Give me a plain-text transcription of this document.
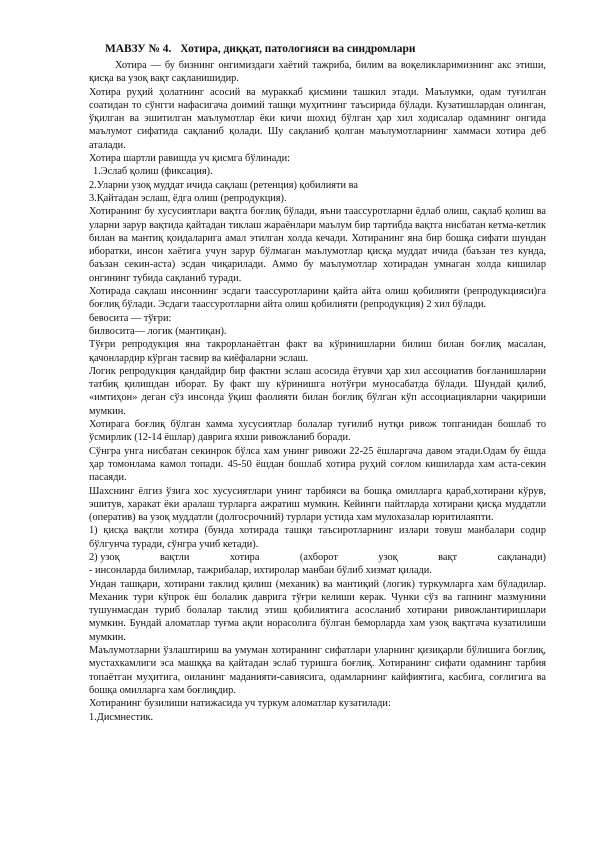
МАВЗУ № 4. Хотира, диққат, патологияси ва синдромлари

Хотира — бу бизнинг онгимиздаги хаётий тажриба, билим ва воқеликларимизнинг акс этиши, қисқа ва узоқ вақт сақланишидир.

Хотира руҳий ҳолатнинг асосий ва мураккаб қисмини ташкил этади. Маълумки, одам туғилган соатидан то сўнгги нафасигача доимий ташқи муҳитнинг таъсирида бўлади. Кузатишлардан олинган, ўқилган ва эшитилган маълумотлар ёки кичи шохид бўлган ҳар хил ходисалар одамнинг онгида маълумот сифатида сақланиб қолади. Шу сақланиб қолган маълумотларнинг хаммаси хотира деб аталади.

Хотира шартли равишда уч қисмга бўлинади:

1.Эслаб қолиш (фиксация).

2.Уларни узоқ муддат ичида сақлаш (ретенция) қобилияти ва

3.Қайтадан эслаш, ёдга олиш (репродукция).

Хотиранинг бу хусусиятлари вақтга боғлиқ бўлади, яъни таассуротларни ёдлаб олиш, сақлаб қолиш ва уларни зарур вақтида қайтадан тиклаш жараёнлари маълум бир тартибда вақтга нисбатан кетма-кетлик билан ва мантиқ қоидаларига амал этилган холда кечади. Хотиранинг яна бир бошқа сифати шундан иборатки, инсон хаётига учун зарур бўлмаган маълумотлар қисқа муддат ичида (баъзан тез кунда, баъзан секин-аста) эсдан чиқарилади. Аммо бу маълумотлар хотирадан умнаган холда кишилар онгининг тубида сақланиб туради.

Хотирада сақлаш инсоннинг эсдаги таассуротларини қайта айта олиш қобилияти (репродукцияси)га боғлиқ бўлади. Эсдаги таассуротларни айта олиш қобилияти (репродукция) 2 хил бўлади.

бевосита — тўғри:

билвосита— логик (мантиқан).

Тўғри репродукция яна такрорланаётган факт ва кўринишларни билиш билан боғлиқ масалан, қачонлардир кўрган тасвир ва киёфаларни эслаш.

Логик репродукция қандайдир бир фактни эслаш асосида ётувчи ҳар хил ассоциатив боғланишларни татбиқ қилишдан иборат. Бу факт шу кўринишга нотўғри муносабатда бўлади. Шундай қилиб, «имтиҳон» деган сўз инсонда ўқиш фаолияти билан боғлиқ бўлган кўп ассоциацияларни чақириши мумкин.

Хотирага боғлиқ бўлган хамма хусусиятлар болалар туғилиб нутқи ривож топганидан бошлаб то ўсмирлик (12-14 ёшлар) даврига яхши ривожланиб боради.

Сўнгра унга нисбатан секинрок бўлса хам унинг ривожи 22-25 ёшларгача давом этади.Одам бу ёшда ҳар томонлама камол топади. 45-50 ёшдан бошлаб хотира руҳий соғлом кишиларда хам аста-секин пасаяди.

Шахснинг ёлгиз ўзига хос хусусиятлари унинг тарбияси ва бошқа омилларга қараб,хотирани кўрув, эшитув, харакат ёки аралаш турларга ажратиш мумкин. Кейинги пайтларда хотирани қисқа муддатли (оператив) ва узоқ муддатли (долгосрочний) турлари устида хам мулохазалар юритилаяпти.

1) қисқа вақтли хотира (бунда хотирада ташқи таъсиротларнинг излари товуш манбалари содир бўлгунча туради, сўнгра учиб кетади).

2) узоқ	вақтли	хотира	(ахборот	узоқ	вақт	сақланади)

- инсонларда билимлар, тажрибалар, ихтиролар манбаи бўлиб хизмат қилади.

Ундан ташқари, хотирани таклид қилиш (механик) ва мантиқий (логик) туркумларга хам бўладилар. Механик тури кўпрок ёш болалик даврига тўғри келиши керак. Чунки сўз ва гапнинг мазмунини тушунмасдан туриб болалар таклид этиш қобилиятига асосланиб хотирани ривожлантиришлари мумкин. Бундай аломатлар туғма ақли норасолига бўлган беморларда хам узоқ вақтгача кузатилиши мумкин.

Маълумотларни ўзлаштириш ва умуман хотиранинг сифатлари уларнинг қизиқарли бўлишига боғлиқ, мустахкамлиги эса машққа ва қайтадан эслаб туришга боғлиқ. Хотиранинг сифати одамнинг тарбия топаётган муҳитига, оиланинг маданияти-савиясига, одамларнинг кайфиятига, касбига, соғлигига ва бошқа омилларга хам боғлиқдир.

Хотиранинг бузилиши натижасида уч туркум аломатлар кузатилади:

1.Дисмнестик.
